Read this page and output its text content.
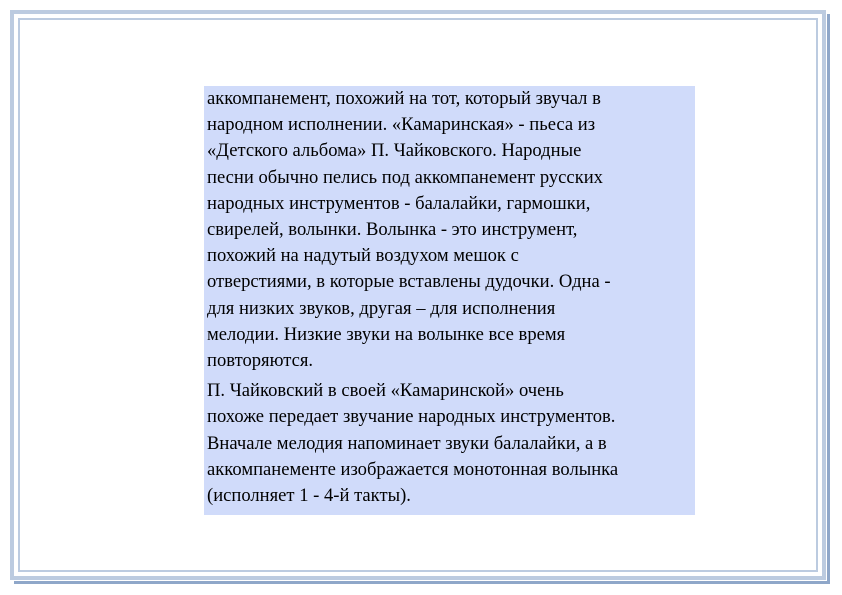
аккомпанемент, похожий на тот, который звучал в
народном исполнении. «Камаринская» - пьеса из
«Детского альбома» П. Чайковского. Народные
песни обычно пелись под аккомпанемент русских
народных инструментов - балалайки, гармошки,
свирелей, волынки. Волынка - это инструмент,
похожий на надутый воздухом мешок с
отверстиями, в которые вставлены дудочки. Одна -
для низких звуков, другая – для исполнения
мелодии. Низкие звуки на волынке все время
повторяются.

П. Чайковский в своей «Камаринской» очень
похоже передает звучание народных инструментов.
Вначале мелодия напоминает звуки балалайки, а в
аккомпанементе изображается монотонная волынка
(исполняет 1 - 4-й такты).
